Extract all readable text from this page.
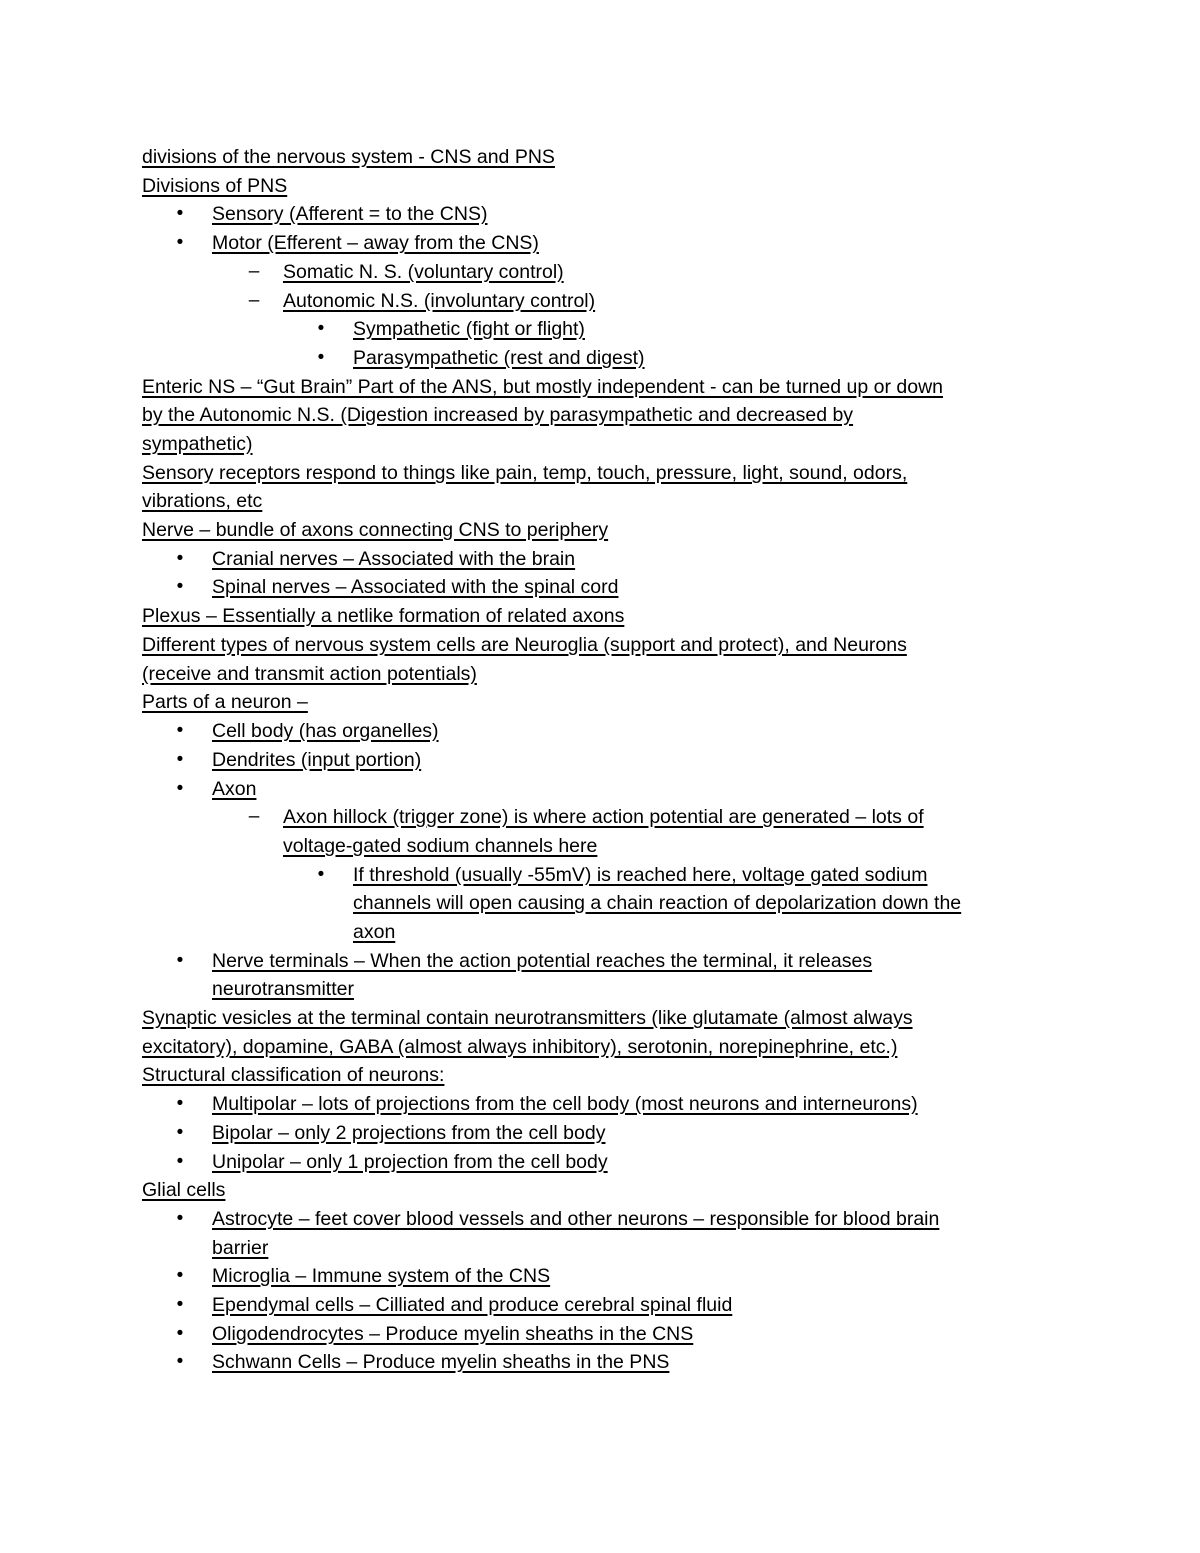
divisions of the nervous system - CNS and PNS
Divisions of PNS
• Sensory (Afferent = to the CNS)
• Motor (Efferent – away from the CNS)
– Somatic N. S. (voluntary control)
– Autonomic N.S. (involuntary control)
• Sympathetic (fight or flight)
• Parasympathetic (rest and digest)
Enteric NS – “Gut Brain” Part of the ANS, but mostly independent - can be turned up or down
by the Autonomic N.S. (Digestion increased by parasympathetic and decreased by
sympathetic)
Sensory receptors respond to things like pain, temp, touch, pressure, light, sound, odors,
vibrations, etc
Nerve – bundle of axons connecting CNS to periphery
• Cranial nerves – Associated with the brain
• Spinal nerves – Associated with the spinal cord
Plexus – Essentially a netlike formation of related axons
Different types of nervous system cells are Neuroglia (support and protect), and Neurons
(receive and transmit action potentials)
Parts of a neuron –
• Cell body (has organelles)
• Dendrites (input portion)
• Axon
– Axon hillock (trigger zone) is where action potential are generated – lots of
voltage-gated sodium channels here
• If threshold (usually -55mV) is reached here, voltage gated sodium
channels will open causing a chain reaction of depolarization down the
axon
• Nerve terminals – When the action potential reaches the terminal, it releases
neurotransmitter
Synaptic vesicles at the terminal contain neurotransmitters (like glutamate (almost always
excitatory), dopamine, GABA (almost always inhibitory), serotonin, norepinephrine, etc.)
Structural classification of neurons:
• Multipolar – lots of projections from the cell body (most neurons and interneurons)
• Bipolar – only 2 projections from the cell body
• Unipolar – only 1 projection from the cell body
Glial cells
• Astrocyte – feet cover blood vessels and other neurons – responsible for blood brain
barrier
• Microglia – Immune system of the CNS
• Ependymal cells – Cilliated and produce cerebral spinal fluid
• Oligodendrocytes – Produce myelin sheaths in the CNS
• Schwann Cells – Produce myelin sheaths in the PNS
